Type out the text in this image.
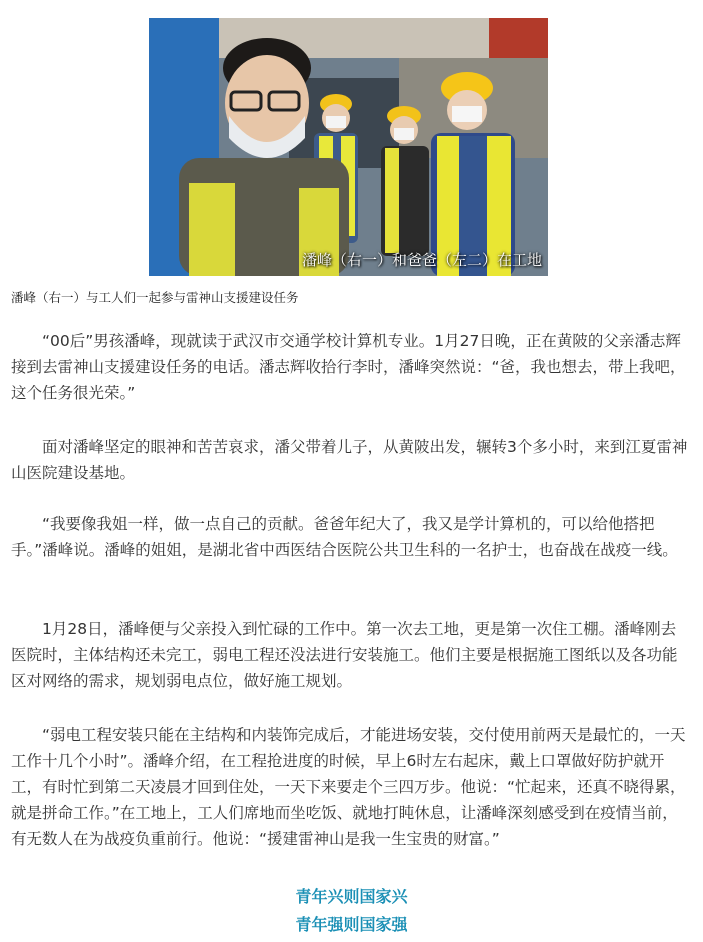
潘峰（右一）和爸爸（左二）在工地
潘峰（右一）与工人们一起参与雷神山支援建设任务

“00后”男孩潘峰，现就读于武汉市交通学校计算机专业。1月27日晚，正在黄陂的父亲潘志辉接到去雷神山支援建设任务的电话。潘志辉收拾行李时，潘峰突然说：“爸，我也想去，带上我吧，这个任务很光荣。”

面对潘峰坚定的眼神和苦苦哀求，潘父带着儿子，从黄陂出发，辗转3个多小时，来到江夏雷神山医院建设基地。

“我要像我姐一样，做一点自己的贡献。爸爸年纪大了，我又是学计算机的，可以给他搭把手。”潘峰说。潘峰的姐姐，是湖北省中西医结合医院公共卫生科的一名护士，也奋战在战疫一线。

1月28日，潘峰便与父亲投入到忙碌的工作中。第一次去工地，更是第一次住工棚。潘峰刚去医院时，主体结构还未完工，弱电工程还没法进行安装施工。他们主要是根据施工图纸以及各功能区对网络的需求，规划弱电点位，做好施工规划。

“弱电工程安装只能在主结构和内装饰完成后，才能进场安装，交付使用前两天是最忙的，一天工作十几个小时”。潘峰介绍，在工程抢进度的时候，早上6时左右起床，戴上口罩做好防护就开工，有时忙到第二天凌晨才回到住处，一天下来要走个三四万步。他说：“忙起来，还真不晓得累，就是拼命工作。”在工地上，工人们席地而坐吃饭、就地打盹休息，让潘峰深刻感受到在疫情当前，有无数人在为战疫负重前行。他说：“援建雷神山是我一生宝贵的财富。”

青年兴则国家兴
青年强则国家强
